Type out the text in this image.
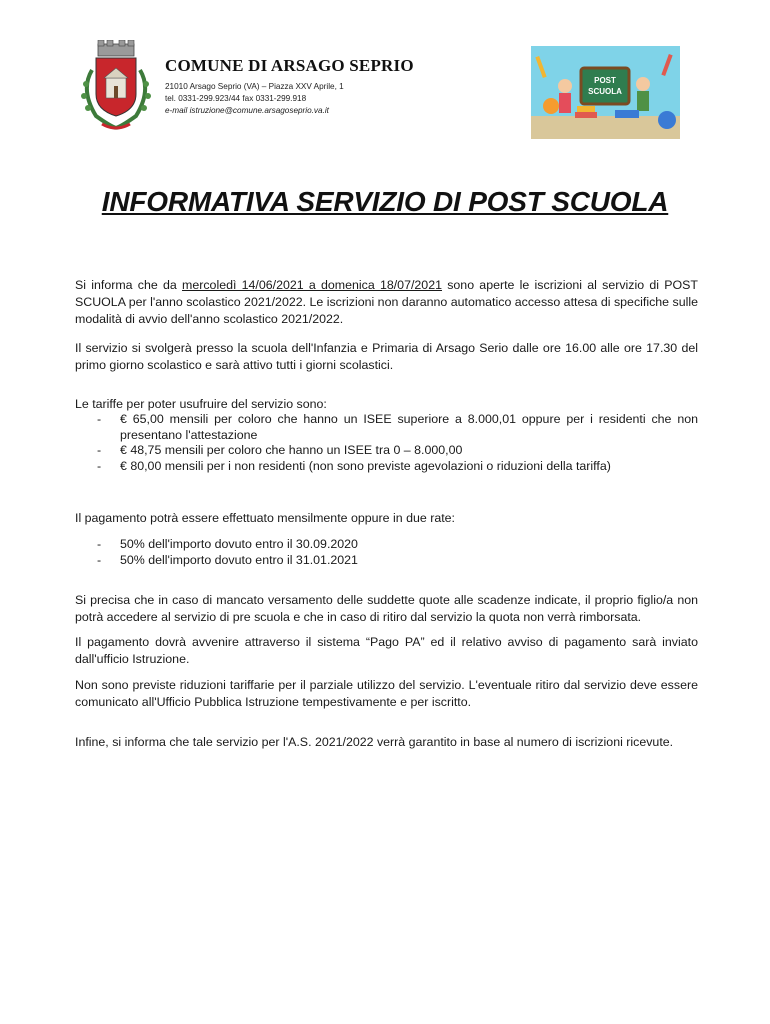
COMUNE DI ARSAGO SEPRIO
21010 Arsago Seprio (VA) – Piazza XXV Aprile, 1
tel. 0331-299.923/44 fax 0331-299.918
e-mail istruzione@comune.arsagoseprio.va.it
POST
SCUOLA
INFORMATIVA SERVIZIO DI POST SCUOLA

Si informa che da mercoledì 14/06/2021 a domenica 18/07/2021 sono aperte le iscrizioni al servizio di POST SCUOLA per l'anno scolastico 2021/2022. Le iscrizioni non daranno automatico accesso attesa di specifiche sulle modalità di avvio dell'anno scolastico 2021/2022.

Il servizio si svolgerà presso la scuola dell'Infanzia e Primaria di Arsago Serio dalle ore 16.00 alle ore 17.30 del primo giorno scolastico e sarà attivo tutti i giorni scolastici.

Le tariffe per poter usufruire del servizio sono:

- € 65,00 mensili per coloro che hanno un ISEE superiore a 8.000,01 oppure per i residenti che non presentano l'attestazione
- € 48,75 mensili per coloro che hanno un ISEE tra 0 – 8.000,00
- € 80,00 mensili per i non residenti (non sono previste agevolazioni o riduzioni della tariffa)

Il pagamento potrà essere effettuato mensilmente oppure in due rate:

- 50% dell'importo dovuto entro il 30.09.2020
- 50% dell'importo dovuto entro il 31.01.2021

Si precisa che in caso di mancato versamento delle suddette quote alle scadenze indicate, il proprio figlio/a non potrà accedere al servizio di pre scuola e che in caso di ritiro dal servizio la quota non verrà rimborsata.

Il pagamento dovrà avvenire attraverso il sistema “Pago PA” ed il relativo avviso di pagamento sarà inviato dall'ufficio Istruzione.

Non sono previste riduzioni tariffarie per il parziale utilizzo del servizio. L'eventuale ritiro dal servizio deve essere comunicato all'Ufficio Pubblica Istruzione tempestivamente e per iscritto.

Infine, si informa che tale servizio per l'A.S. 2021/2022 verrà garantito in base al numero di iscrizioni ricevute.
